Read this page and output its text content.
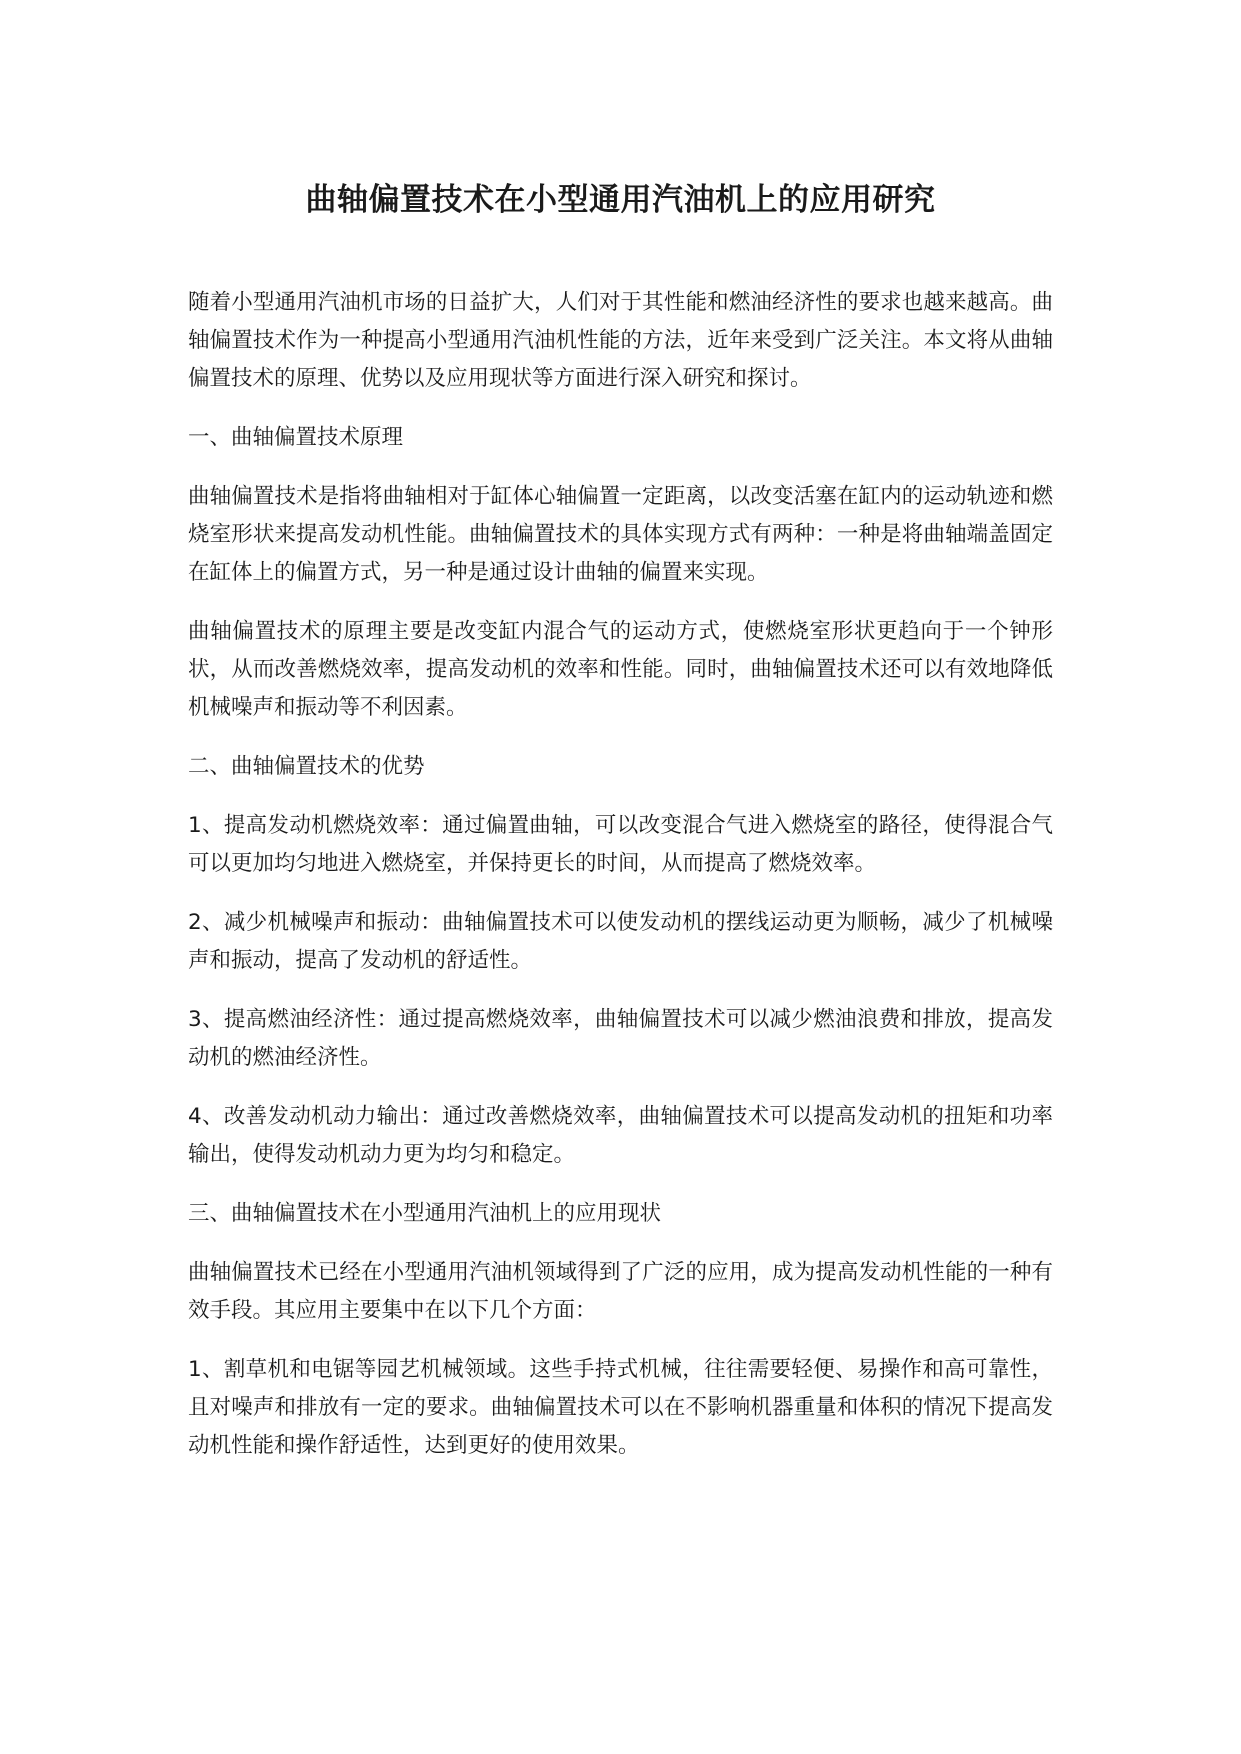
曲轴偏置技术在小型通用汽油机上的应用研究

随着小型通用汽油机市场的日益扩大，人们对于其性能和燃油经济性的要求也越来越高。曲轴偏置技术作为一种提高小型通用汽油机性能的方法，近年来受到广泛关注。本文将从曲轴偏置技术的原理、优势以及应用现状等方面进行深入研究和探讨。

一、曲轴偏置技术原理

曲轴偏置技术是指将曲轴相对于缸体心轴偏置一定距离，以改变活塞在缸内的运动轨迹和燃烧室形状来提高发动机性能。曲轴偏置技术的具体实现方式有两种：一种是将曲轴端盖固定在缸体上的偏置方式，另一种是通过设计曲轴的偏置来实现。

曲轴偏置技术的原理主要是改变缸内混合气的运动方式，使燃烧室形状更趋向于一个钟形状，从而改善燃烧效率，提高发动机的效率和性能。同时，曲轴偏置技术还可以有效地降低机械噪声和振动等不利因素。

二、曲轴偏置技术的优势

1、提高发动机燃烧效率：通过偏置曲轴，可以改变混合气进入燃烧室的路径，使得混合气可以更加均匀地进入燃烧室，并保持更长的时间，从而提高了燃烧效率。

2、减少机械噪声和振动：曲轴偏置技术可以使发动机的摆线运动更为顺畅，减少了机械噪声和振动，提高了发动机的舒适性。

3、提高燃油经济性：通过提高燃烧效率，曲轴偏置技术可以减少燃油浪费和排放，提高发动机的燃油经济性。

4、改善发动机动力输出：通过改善燃烧效率，曲轴偏置技术可以提高发动机的扭矩和功率输出，使得发动机动力更为均匀和稳定。

三、曲轴偏置技术在小型通用汽油机上的应用现状

曲轴偏置技术已经在小型通用汽油机领域得到了广泛的应用，成为提高发动机性能的一种有效手段。其应用主要集中在以下几个方面：

1、割草机和电锯等园艺机械领域。这些手持式机械，往往需要轻便、易操作和高可靠性，且对噪声和排放有一定的要求。曲轴偏置技术可以在不影响机器重量和体积的情况下提高发动机性能和操作舒适性，达到更好的使用效果。
